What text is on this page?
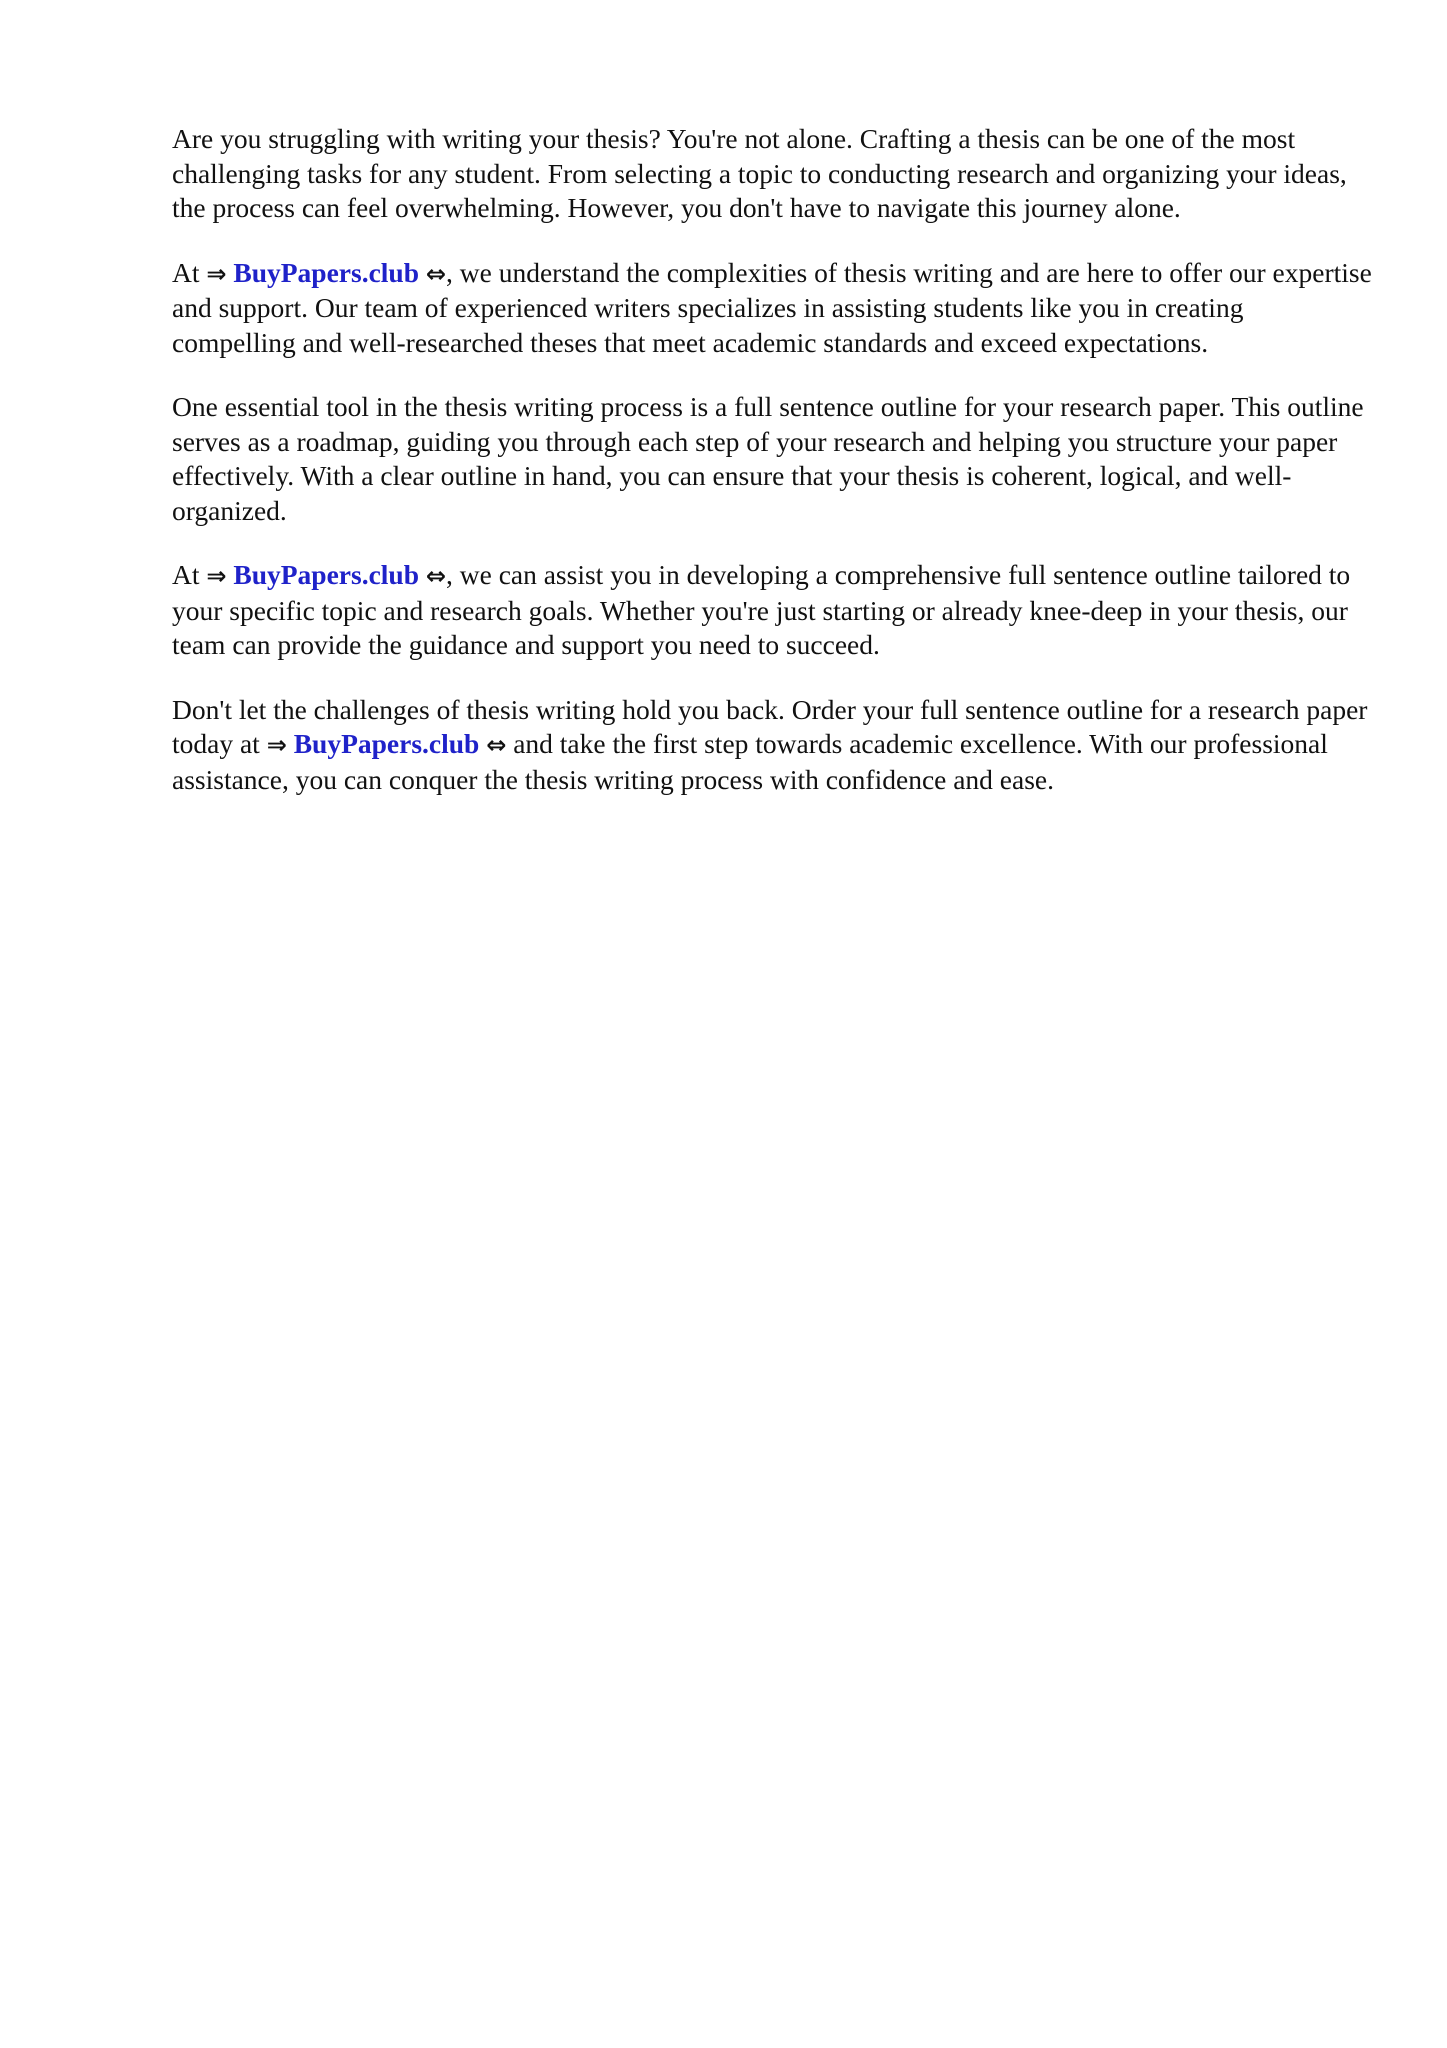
Are you struggling with writing your thesis? You're not alone. Crafting a thesis can be one of the most challenging tasks for any student. From selecting a topic to conducting research and organizing your ideas, the process can feel overwhelming. However, you don't have to navigate this journey alone.

At ⇒ BuyPapers.club ⇔, we understand the complexities of thesis writing and are here to offer our expertise and support. Our team of experienced writers specializes in assisting students like you in creating compelling and well-researched theses that meet academic standards and exceed expectations.

One essential tool in the thesis writing process is a full sentence outline for your research paper. This outline serves as a roadmap, guiding you through each step of your research and helping you structure your paper effectively. With a clear outline in hand, you can ensure that your thesis is coherent, logical, and well-organized.

At ⇒ BuyPapers.club ⇔, we can assist you in developing a comprehensive full sentence outline tailored to your specific topic and research goals. Whether you're just starting or already knee-deep in your thesis, our team can provide the guidance and support you need to succeed.

Don't let the challenges of thesis writing hold you back. Order your full sentence outline for a research paper today at ⇒ BuyPapers.club ⇔ and take the first step towards academic excellence. With our professional assistance, you can conquer the thesis writing process with confidence and ease.
